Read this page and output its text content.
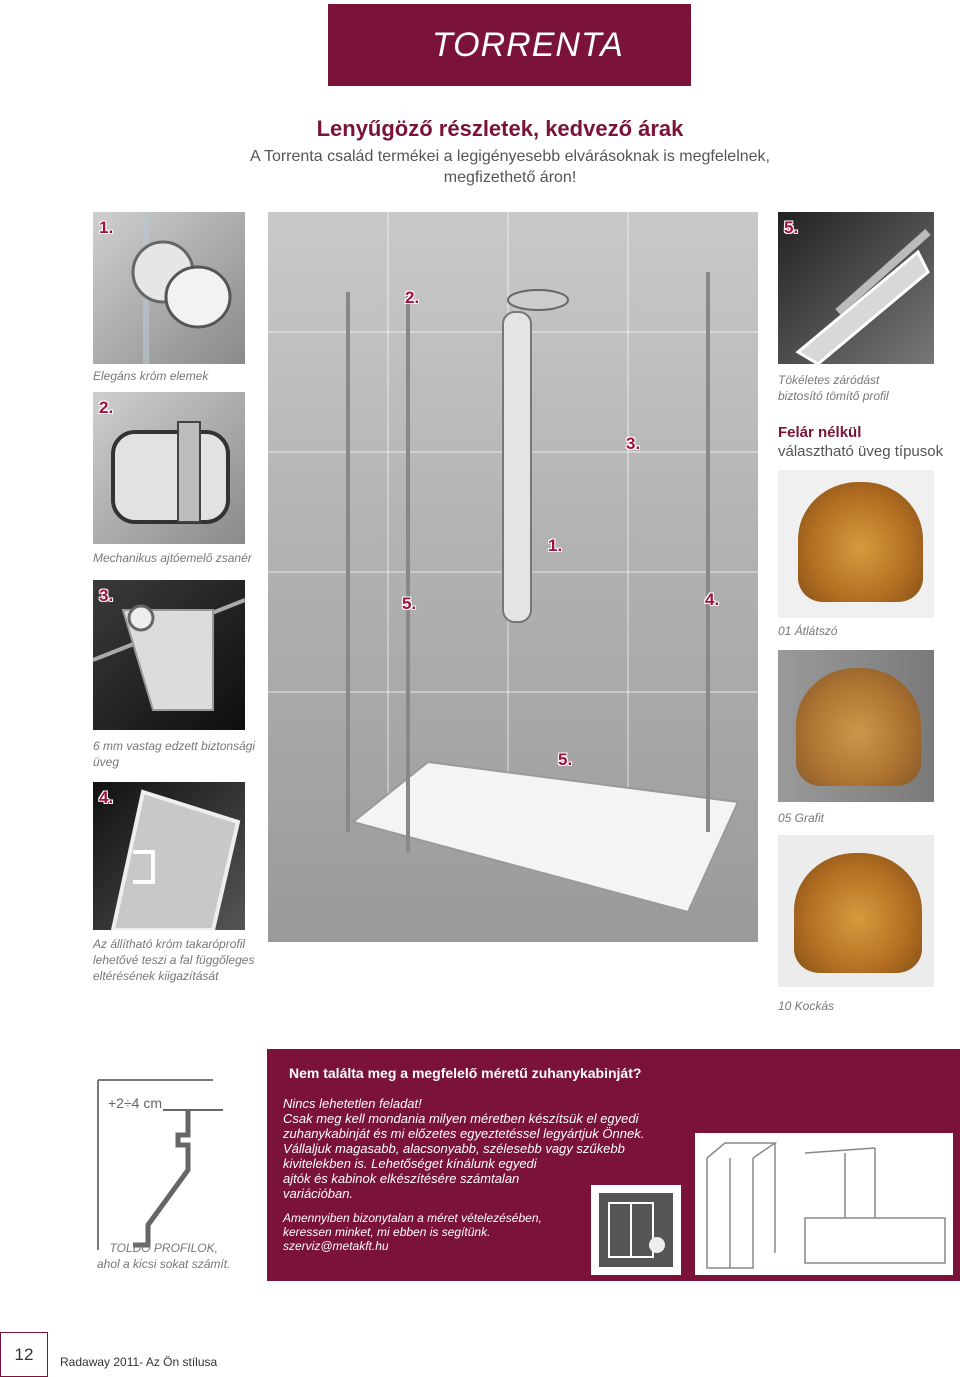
TORRENTA
Lenyűgöző részletek, kedvező árak
A Torrenta család termékei a legigényesebb elvárásoknak is megfelelnek,
megfizethető áron!
1.
Elegáns króm elemek
2.
Mechanikus ajtóemelő zsanér
3.
6 mm vastag edzett biztonsági
üveg
4.
Az állítható króm takaróprofil
lehetővé teszi a fal függőleges
eltérésének kiigazítását
2.
3.
1.
5.	4.
5.
5.
Tökéletes záródást
biztosító tömítő profil
Felár nélkül
választható üveg típusok
01 Átlátszó
05 Grafit
10 Kockás
+2÷4 cm
TOLDÓ PROFILOK,
ahol a kicsi sokat számít.
Nem találta meg a megfelelő méretű zuhanykabinját?
Nincs lehetetlen feladat!
Csak meg kell mondania milyen méretben készítsük el egyedi
zuhanykabinját és mi előzetes egyeztetéssel legyártjuk Önnek.
Vállaljuk magasabb, alacsonyabb, szélesebb vagy szűkebb
kivitelekben is. Lehetőséget kínálunk egyedi
ajtók és kabinok elkészítésére számtalan
variációban.
Amennyiben bizonytalan a méret vételezésében,
keressen minket, mi ebben is segítünk.
szerviz@metakft.hu
12 Radaway 2011- Az Ön stílusa
